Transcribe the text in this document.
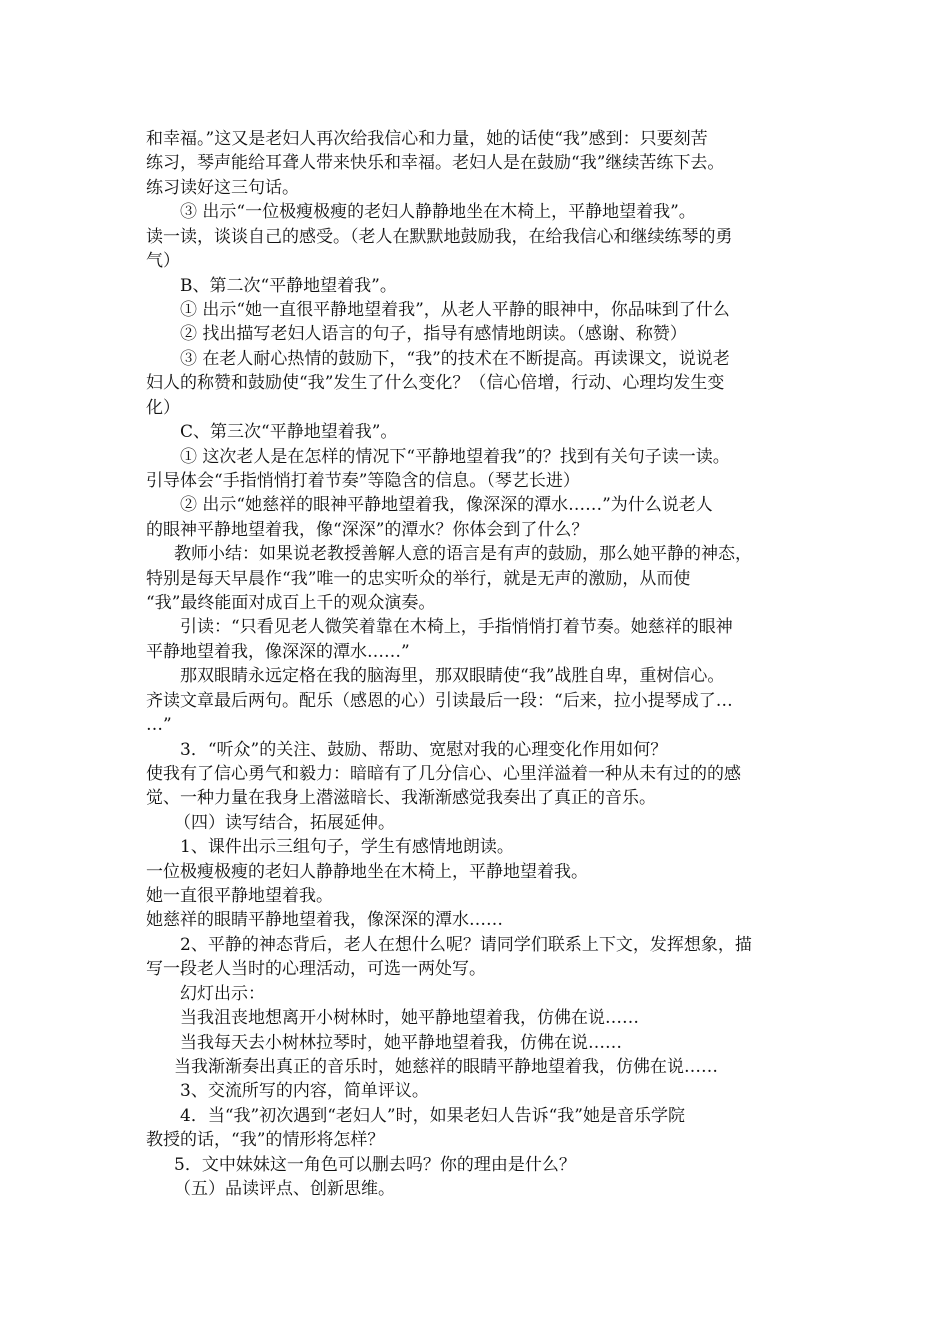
和幸福。”这又是老妇人再次给我信心和力量，她的话使“我”感到：只要刻苦
练习，琴声能给耳聋人带来快乐和幸福。老妇人是在鼓励“我”继续苦练下去。
练习读好这三句话。
③ 出示“一位极瘦极瘦的老妇人静静地坐在木椅上，平静地望着我”。
读一读，谈谈自己的感受。（老人在默默地鼓励我，在给我信心和继续练琴的勇
气）
B、第二次“平静地望着我”。
① 出示“她一直很平静地望着我”，从老人平静的眼神中，你品味到了什么
② 找出描写老妇人语言的句子，指导有感情地朗读。（感谢、称赞）
③ 在老人耐心热情的鼓励下，“我”的技术在不断提高。再读课文，说说老
妇人的称赞和鼓励使“我”发生了什么变化？（信心倍增，行动、心理均发生变
化）
C、第三次“平静地望着我”。
① 这次老人是在怎样的情况下“平静地望着我”的？找到有关句子读一读。
引导体会“手指悄悄打着节奏”等隐含的信息。（琴艺长进）
② 出示“她慈祥的眼神平静地望着我，像深深的潭水……”为什么说老人
的眼神平静地望着我，像“深深”的潭水？你体会到了什么？
教师小结：如果说老教授善解人意的语言是有声的鼓励，那么她平静的神态，
特别是每天早晨作“我”唯一的忠实听众的举行，就是无声的激励，从而使
“我”最终能面对成百上千的观众演奏。
引读：“只看见老人微笑着靠在木椅上，手指悄悄打着节奏。她慈祥的眼神
平静地望着我，像深深的潭水……”
那双眼睛永远定格在我的脑海里，那双眼睛使“我”战胜自卑，重树信心。
齐读文章最后两句。配乐（感恩的心）引读最后一段：“后来，拉小提琴成了…
…”
3．“听众”的关注、鼓励、帮助、宽慰对我的心理变化作用如何？
使我有了信心勇气和毅力：暗暗有了几分信心、心里洋溢着一种从未有过的的感
觉、一种力量在我身上潜滋暗长、我渐渐感觉我奏出了真正的音乐。
（四）读写结合，拓展延伸。
1、课件出示三组句子，学生有感情地朗读。
一位极瘦极瘦的老妇人静静地坐在木椅上，平静地望着我。
她一直很平静地望着我。
她慈祥的眼睛平静地望着我，像深深的潭水……
2、平静的神态背后，老人在想什么呢？请同学们联系上下文，发挥想象，描
写一段老人当时的心理活动，可选一两处写。
幻灯出示：
当我沮丧地想离开小树林时，她平静地望着我，仿佛在说……
当我每天去小树林拉琴时，她平静地望着我，仿佛在说……
当我渐渐奏出真正的音乐时，她慈祥的眼睛平静地望着我，仿佛在说……
3、交流所写的内容，简单评议。
4．当“我”初次遇到“老妇人”时，如果老妇人告诉“我”她是音乐学院
教授的话，“我”的情形将怎样？
5．文中妹妹这一角色可以删去吗？你的理由是什么？
（五）品读评点、创新思维。
